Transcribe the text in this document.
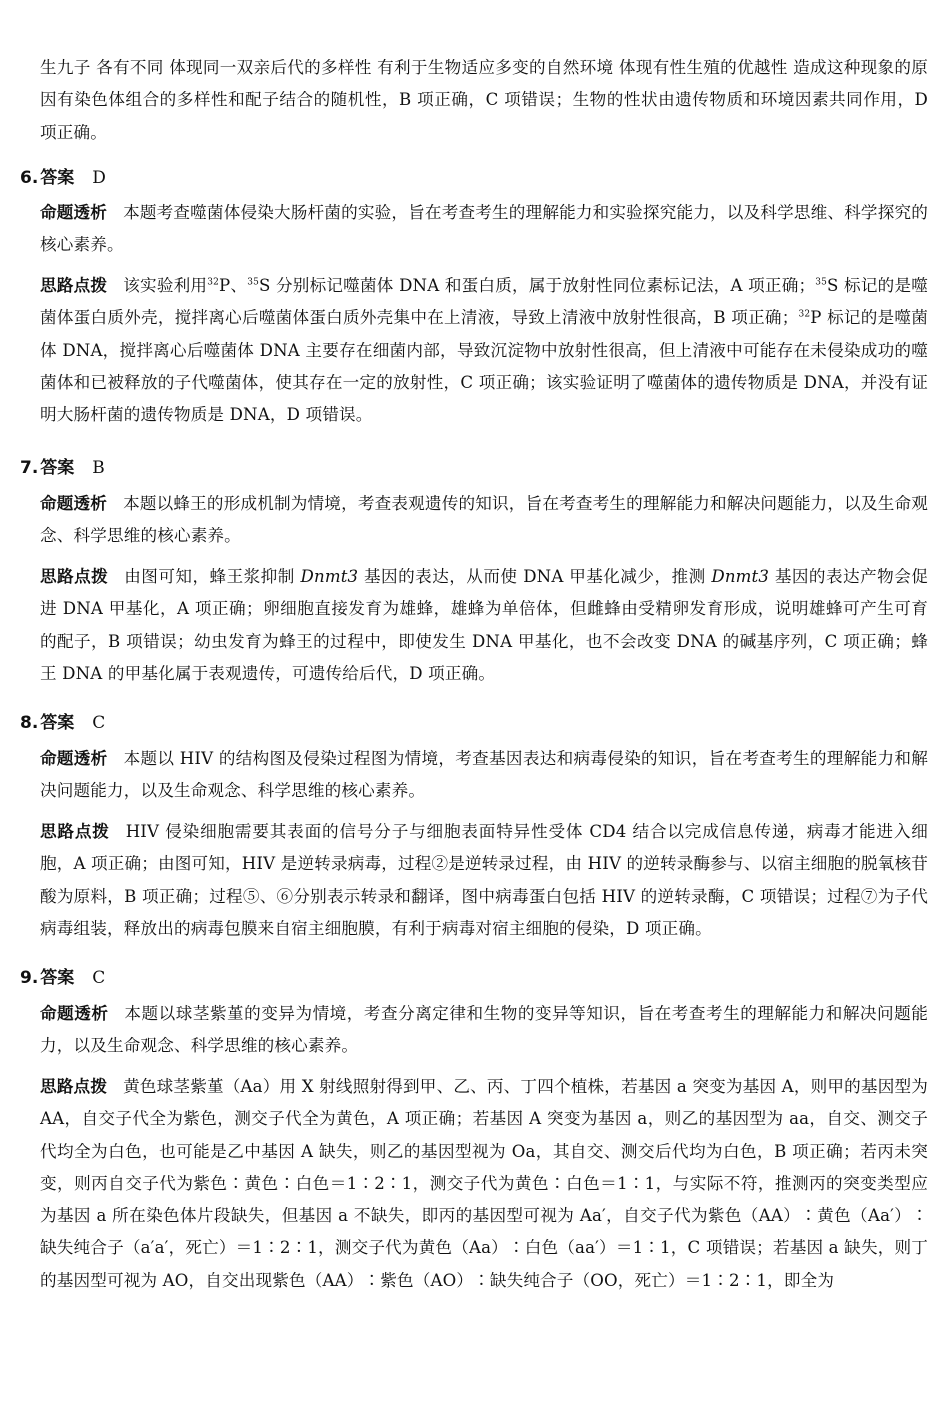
生九子 各有不同 体现同一双亲后代的多样性 有利于生物适应多变的自然环境 体现有性生殖的优越性 造成这种现象的原因有染色体组合的多样性和配子结合的随机性，B 项正确，C 项错误；生物的性状由遗传物质和环境因素共同作用，D 项正确。

6. 答案 D

命题透析 本题考查噬菌体侵染大肠杆菌的实验，旨在考查考生的理解能力和实验探究能力，以及科学思维、科学探究的核心素养。

思路点拨 该实验利用$^{32}$P、$^{35}$S 分别标记噬菌体 DNA 和蛋白质，属于放射性同位素标记法，A 项正确；$^{35}$S 标记的是噬菌体蛋白质外壳，搅拌离心后噬菌体蛋白质外壳集中在上清液，导致上清液中放射性很高，B 项正确；$^{32}$P 标记的是噬菌体 DNA，搅拌离心后噬菌体 DNA 主要存在细菌内部，导致沉淀物中放射性很高，但上清液中可能存在未侵染成功的噬菌体和已被释放的子代噬菌体，使其存在一定的放射性，C 项正确；该实验证明了噬菌体的遗传物质是 DNA，并没有证明大肠杆菌的遗传物质是 DNA，D 项错误。

7. 答案 B

命题透析 本题以蜂王的形成机制为情境，考查表观遗传的知识，旨在考查考生的理解能力和解决问题能力，以及生命观念、科学思维的核心素养。

思路点拨 由图可知，蜂王浆抑制 Dnmt3 基因的表达，从而使 DNA 甲基化减少，推测 Dnmt3 基因的表达产物会促进 DNA 甲基化，A 项正确；卵细胞直接发育为雄蜂，雄蜂为单倍体，但雌蜂由受精卵发育形成，说明雄蜂可产生可育的配子，B 项错误；幼虫发育为蜂王的过程中，即使发生 DNA 甲基化，也不会改变 DNA 的碱基序列，C 项正确；蜂王 DNA 的甲基化属于表观遗传，可遗传给后代，D 项正确。

8. 答案 C

命题透析 本题以 HIV 的结构图及侵染过程图为情境，考查基因表达和病毒侵染的知识，旨在考查考生的理解能力和解决问题能力，以及生命观念、科学思维的核心素养。

思路点拨 HIV 侵染细胞需要其表面的信号分子与细胞表面特异性受体 CD4 结合以完成信息传递，病毒才能进入细胞，A 项正确；由图可知，HIV 是逆转录病毒，过程②是逆转录过程，由 HIV 的逆转录酶参与、以宿主细胞的脱氧核苷酸为原料，B 项正确；过程⑤、⑥分别表示转录和翻译，图中病毒蛋白包括 HIV 的逆转录酶，C 项错误；过程⑦为子代病毒组装，释放出的病毒包膜来自宿主细胞膜，有利于病毒对宿主细胞的侵染，D 项正确。

9. 答案 C

命题透析 本题以球茎紫堇的变异为情境，考查分离定律和生物的变异等知识，旨在考查考生的理解能力和解决问题能力，以及生命观念、科学思维的核心素养。

思路点拨 黄色球茎紫堇（Aa）用 X 射线照射得到甲、乙、丙、丁四个植株，若基因 a 突变为基因 A，则甲的基因型为 AA，自交子代全为紫色，测交子代全为黄色，A 项正确；若基因 A 突变为基因 a，则乙的基因型为 aa，自交、测交子代均全为白色，也可能是乙中基因 A 缺失，则乙的基因型视为 Oa，其自交、测交后代均为白色，B 项正确；若丙未突变，则丙自交子代为紫色∶黄色∶白色＝1∶2∶1，测交子代为黄色∶白色＝1∶1，与实际不符，推测丙的突变类型应为基因 a 所在染色体片段缺失，但基因 a 不缺失，即丙的基因型可视为 Aa′，自交子代为紫色（AA）∶黄色（Aa′）∶缺失纯合子（a′a′，死亡）＝1∶2∶1，测交子代为黄色（Aa）∶白色（aa′）＝1∶1，C 项错误；若基因 a 缺失，则丁的基因型可视为 AO，自交出现紫色（AA）∶紫色（AO）∶缺失纯合子（OO，死亡）＝1∶2∶1，即全为
